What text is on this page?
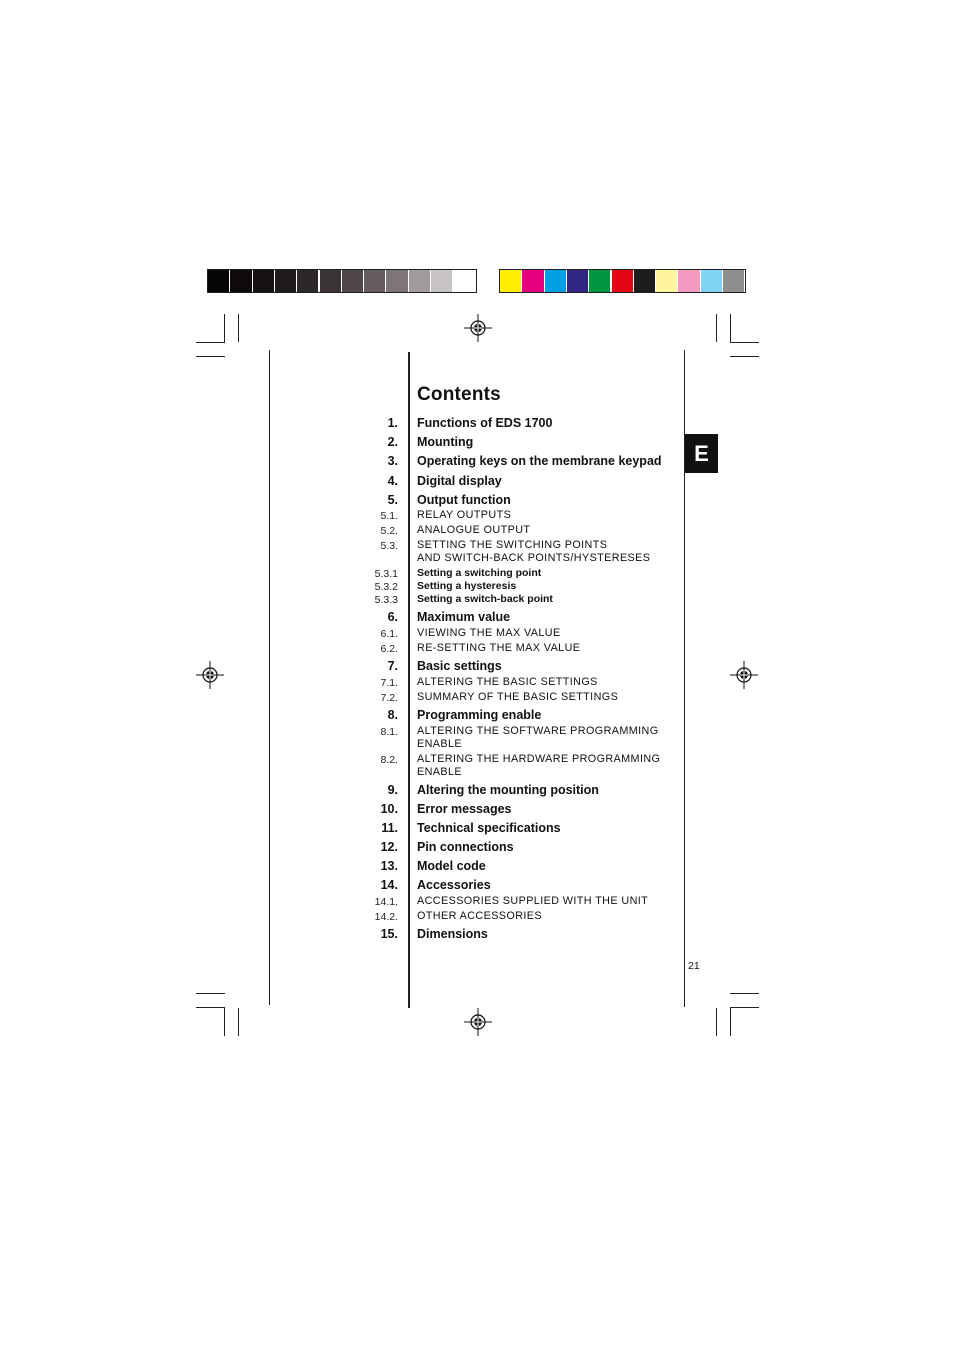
Contents
E
1. Functions of EDS 1700
2. Mounting
3. Operating keys on the membrane keypad
4. Digital display
5. Output function
5.1. RELAY OUTPUTS
5.2. ANALOGUE OUTPUT
5.3. SETTING THE SWITCHING POINTS
AND SWITCH-BACK POINTS/HYSTERESES
5.3.1 Setting a switching point
5.3.2 Setting a hysteresis
5.3.3 Setting a switch-back point
6. Maximum value
6.1. VIEWING THE MAX VALUE
6.2. RE-SETTING THE MAX VALUE
7. Basic settings
7.1. ALTERING THE BASIC SETTINGS
7.2. SUMMARY OF THE BASIC SETTINGS
8. Programming enable
8.1. ALTERING THE SOFTWARE PROGRAMMING
ENABLE
8.2. ALTERING THE HARDWARE PROGRAMMING
ENABLE
9. Altering the mounting position
10. Error messages
11. Technical specifications
12. Pin connections
13. Model code
14. Accessories
14.1. ACCESSORIES SUPPLIED WITH THE UNIT
14.2. OTHER ACCESSORIES
15. Dimensions
21
